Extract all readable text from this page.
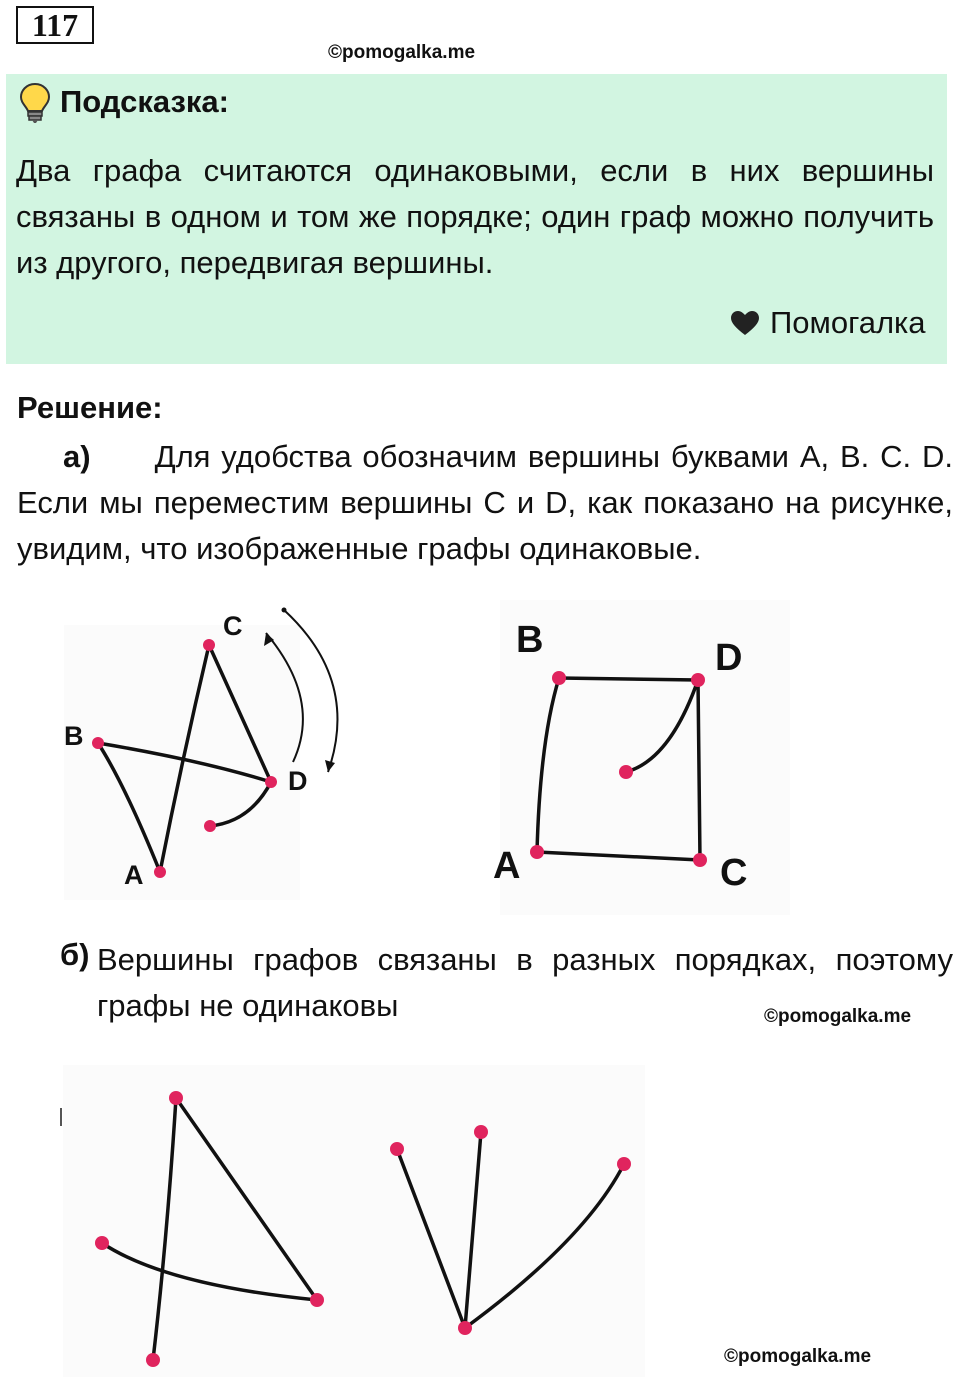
117
©pomogalka.me
Подсказка:
Два графа считаются одинаковыми, если в них вершины связаны в одном и том же порядке; один граф можно получить из другого, передвигая вершины.
Помогалка
Решение:
а) Для удобства обозначим вершины буквами A, B. C. D. Если мы переместим вершины C и D, как показано на рисунке, увидим, что изображенные графы одинаковые.
C
B
D
A
B	D
A	C
б) Вершины графов связаны в разных порядках, поэтому графы не одинаковы	©pomogalka.me
©pomogalka.me
